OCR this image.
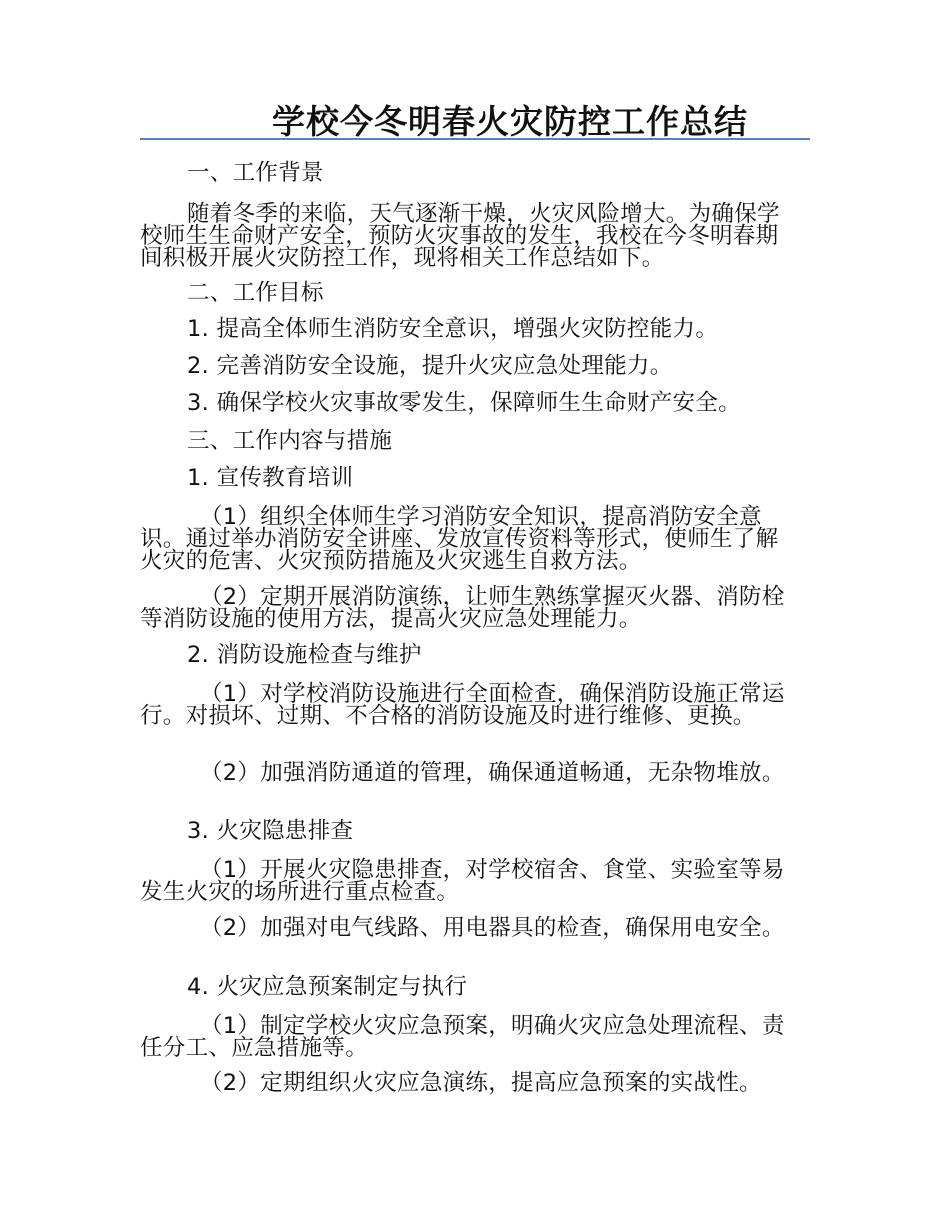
学校今冬明春火灾防控工作总结
一、工作背景
随着冬季的来临，天气逐渐干燥，火灾风险增大。为确保学校师生生命财产安全，预防火灾事故的发生，我校在今冬明春期间积极开展火灾防控工作，现将相关工作总结如下。
二、工作目标
1. 提高全体师生消防安全意识，增强火灾防控能力。
2. 完善消防安全设施，提升火灾应急处理能力。
3. 确保学校火灾事故零发生，保障师生生命财产安全。
三、工作内容与措施
1. 宣传教育培训
（1）组织全体师生学习消防安全知识，提高消防安全意识。通过举办消防安全讲座、发放宣传资料等形式，使师生了解火灾的危害、火灾预防措施及火灾逃生自救方法。
（2）定期开展消防演练，让师生熟练掌握灭火器、消防栓等消防设施的使用方法，提高火灾应急处理能力。
2. 消防设施检查与维护
（1）对学校消防设施进行全面检查，确保消防设施正常运行。对损坏、过期、不合格的消防设施及时进行维修、更换。
（2）加强消防通道的管理，确保通道畅通，无杂物堆放。
3. 火灾隐患排查
（1）开展火灾隐患排查，对学校宿舍、食堂、实验室等易发生火灾的场所进行重点检查。
（2）加强对电气线路、用电器具的检查，确保用电安全。
4. 火灾应急预案制定与执行
（1）制定学校火灾应急预案，明确火灾应急处理流程、责任分工、应急措施等。
（2）定期组织火灾应急演练，提高应急预案的实战性。
